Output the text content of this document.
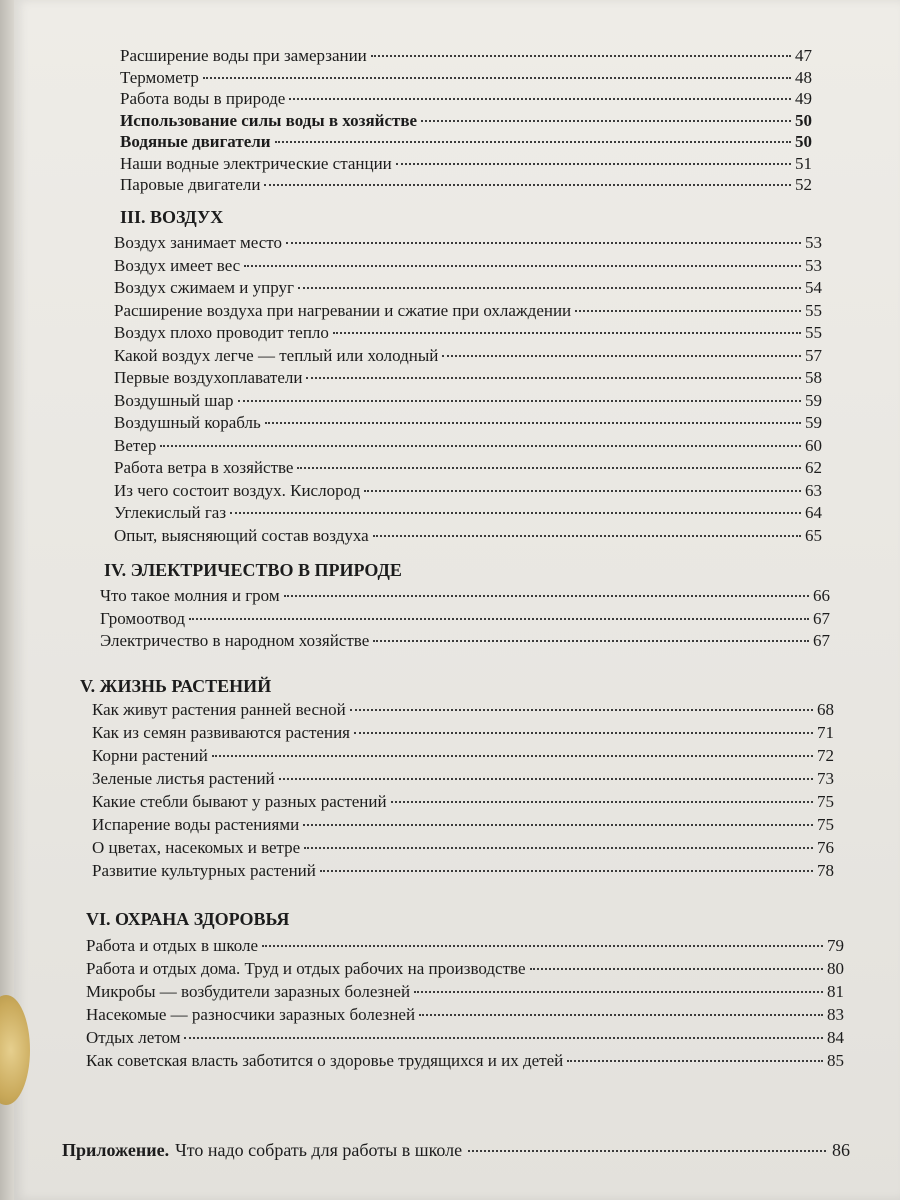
Расширение воды при замерзании	47
Термометр	48
Работа воды в природе	49
Использование силы воды в хозяйстве	50
Водяные двигатели	50
Наши водные электрические станции	51
Паровые двигатели	52
III. ВОЗДУХ
Воздух занимает место	53
Воздух имеет вес	53
Воздух сжимаем и упруг	54
Расширение воздуха при нагревании и сжатие при охлаждении	55
Воздух плохо проводит тепло	55
Какой воздух легче — теплый или холодный	57
Первые воздухоплаватели	58
Воздушный шар	59
Воздушный корабль	59
Ветер	60
Работа ветра в хозяйстве	62
Из чего состоит воздух. Кислород	63
Углекислый газ	64
Опыт, выясняющий состав воздуха	65
IV. ЭЛЕКТРИЧЕСТВО В ПРИРОДЕ
Что такое молния и гром	66
Громоотвод	67
Электричество в народном хозяйстве	67
V. ЖИЗНЬ РАСТЕНИЙ
Как живут растения ранней весной	68
Как из семян развиваются растения	71
Корни растений	72
Зеленые листья растений	73
Какие стебли бывают у разных растений	75
Испарение воды растениями	75
О цветах, насекомых и ветре	76
Развитие культурных растений	78
VI. ОХРАНА ЗДОРОВЬЯ
Работа и отдых в школе	79
Работа и отдых дома. Труд и отдых рабочих на производстве	80
Микробы — возбудители заразных болезней	81
Насекомые — разносчики заразных болезней	83
Отдых летом	84
Как советская власть заботится о здоровье трудящихся и их детей	85
Приложение. Что надо собрать для работы в школе	86
